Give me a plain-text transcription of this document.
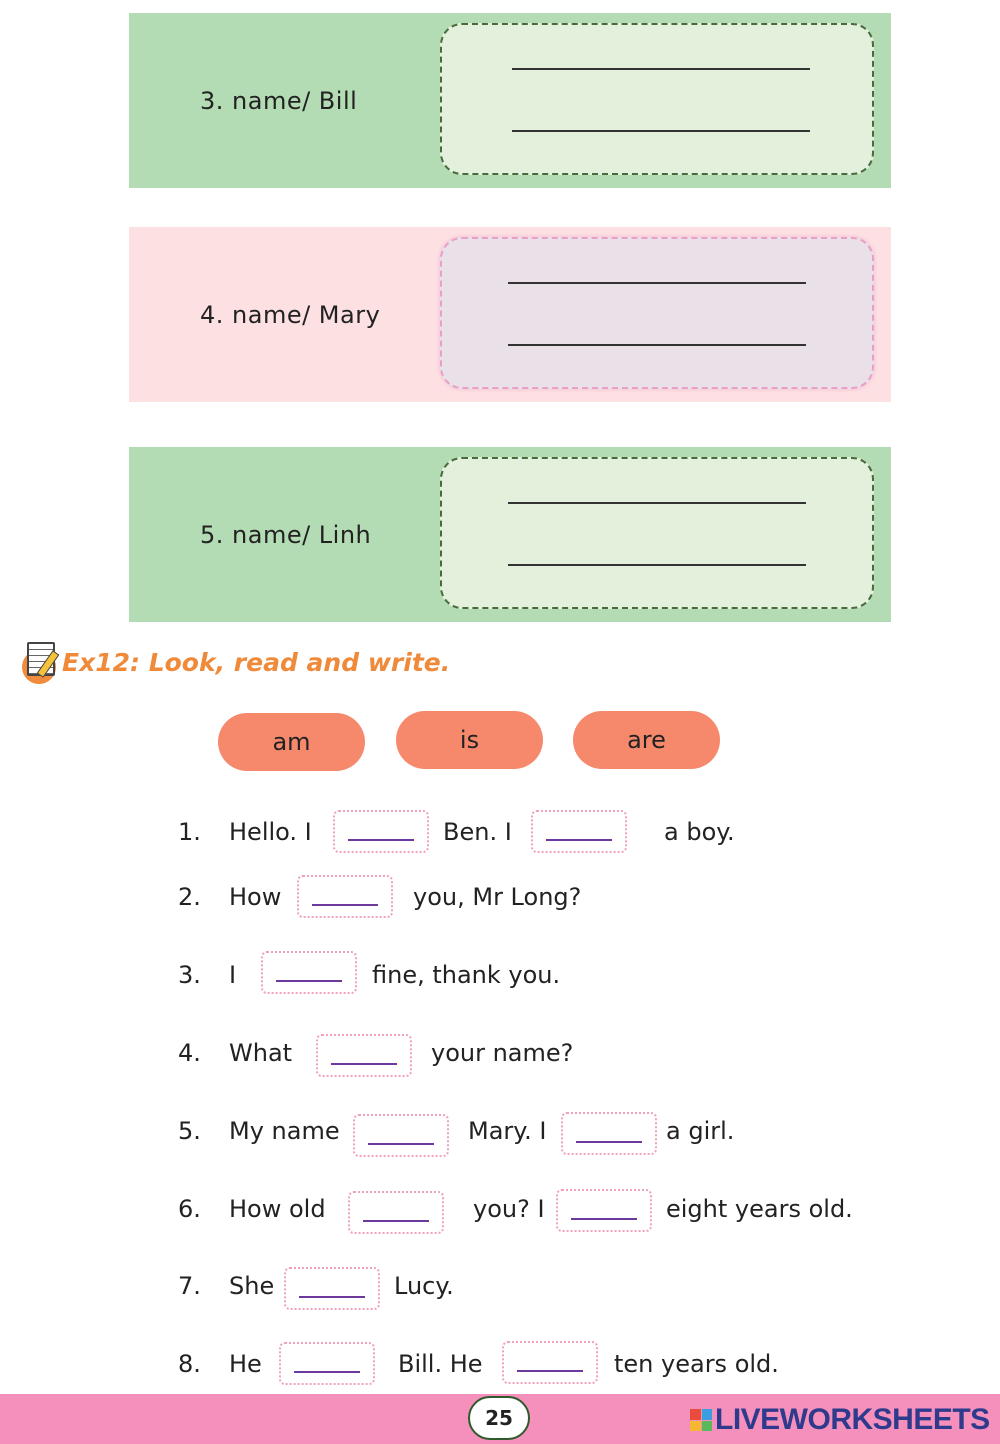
3. name/ Bill
4. name/ Mary
5. name/ Linh
Ex12: Look, read and write.
am	is	are
1. Hello. I	Ben. I	a boy.
2. How	you, Mr Long?
3. I	fine, thank you.
4. What	your name?
5. My name	Mary. I	a girl.
6. How old	you? I	eight years old.
7. She	Lucy.
8. He	Bill. He	ten years old.
25	LIVEWORKSHEETS
